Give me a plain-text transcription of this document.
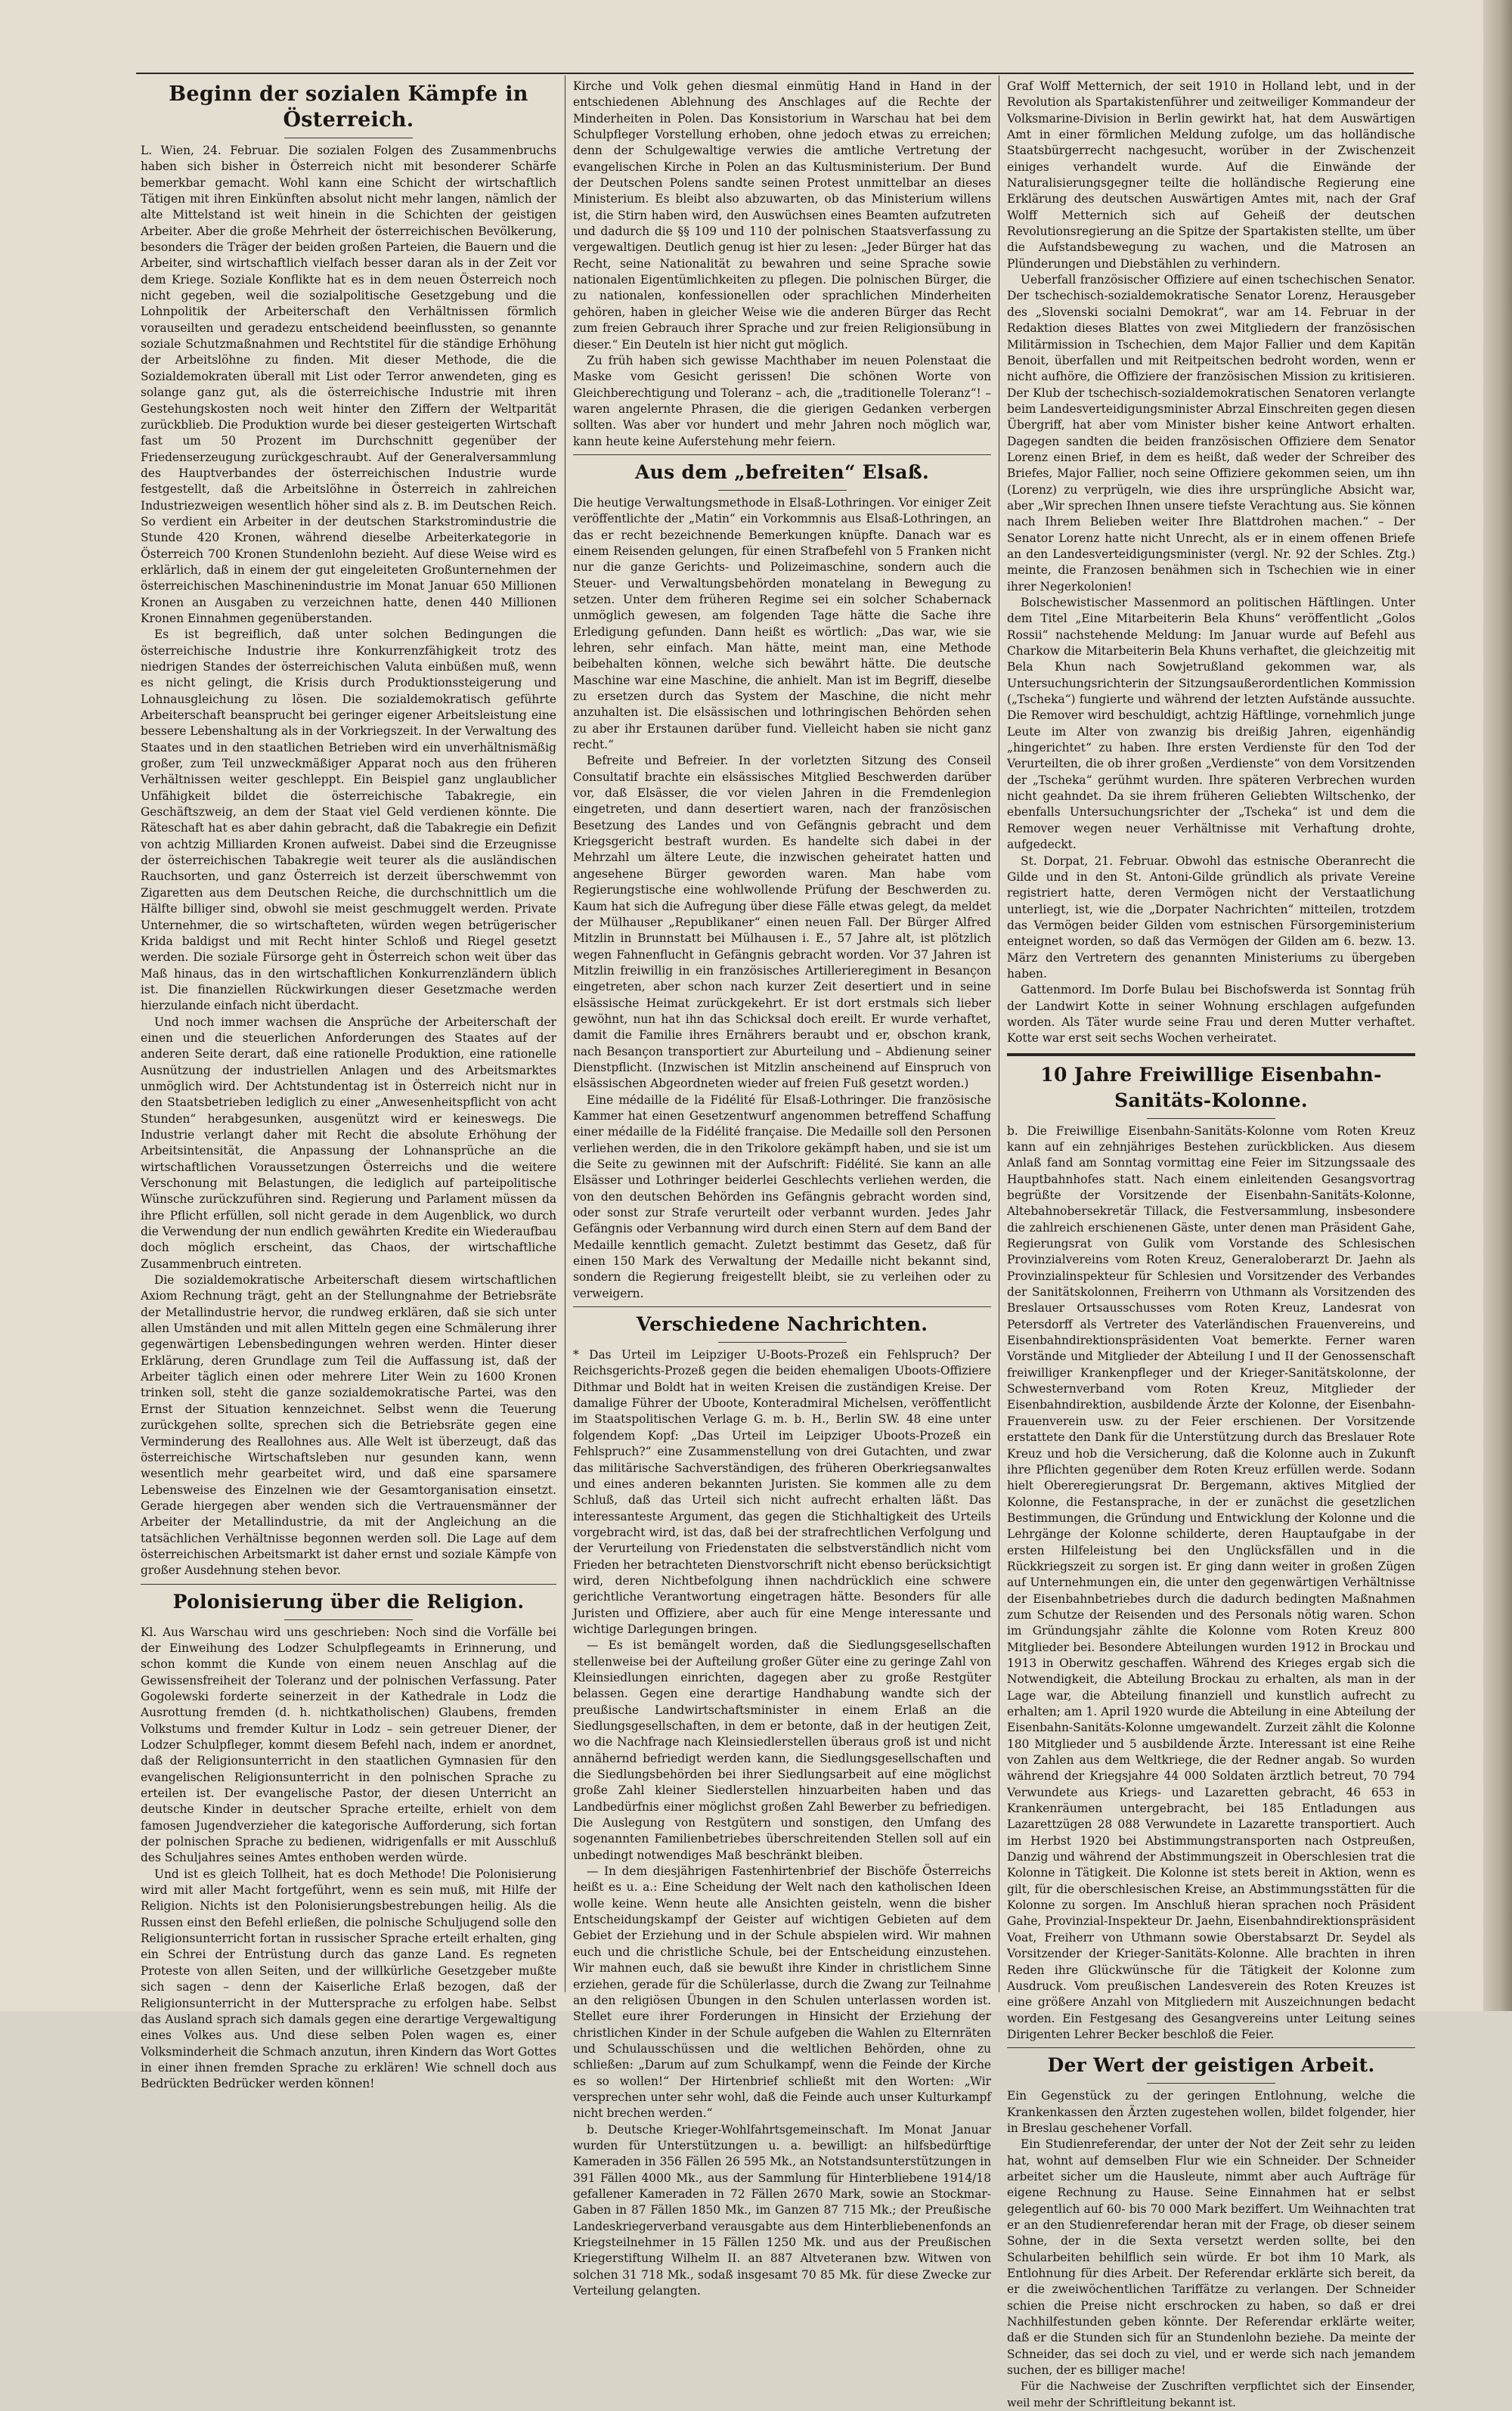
Beginn der sozialen Kämpfe in Österreich.

L. Wien, 24. Februar. Die sozialen Folgen des Zusammenbruchs haben sich bisher in Österreich nicht mit besonderer Schärfe bemerkbar gemacht. Wohl kann eine Schicht der wirtschaftlich Tätigen mit ihren Einkünften absolut nicht mehr langen, nämlich der alte Mittelstand ist weit hinein in die Schichten der geistigen Arbeiter. Aber die große Mehrheit der österreichischen Bevölkerung, besonders die Träger der beiden großen Parteien, die Bauern und die Arbeiter, sind wirtschaftlich vielfach besser daran als in der Zeit vor dem Kriege. Soziale Konflikte hat es in dem neuen Österreich noch nicht gegeben, weil die sozialpolitische Gesetzgebung und die Lohnpolitik der Arbeiterschaft den Verhältnissen förmlich vorauseilten und geradezu entscheidend beeinflussten, so genannte soziale Schutzmaßnahmen und Rechtstitel für die ständige Erhöhung der Arbeitslöhne zu finden. Mit dieser Methode, die die Sozialdemokraten überall mit List oder Terror anwendeten, ging es solange ganz gut, als die österreichische Industrie mit ihren Gestehungskosten noch weit hinter den Ziffern der Weltparität zurückblieb. Die Produktion wurde bei dieser gesteigerten Wirtschaft fast um 50 Prozent im Durchschnitt gegenüber der Friedenserzeugung zurückgeschraubt. Auf der Generalversammlung des Hauptverbandes der österreichischen Industrie wurde festgestellt, daß die Arbeitslöhne in Österreich in zahlreichen Industriezweigen wesentlich höher sind als z. B. im Deutschen Reich. So verdient ein Arbeiter in der deutschen Starkstromindustrie die Stunde 420 Kronen, während dieselbe Arbeiterkategorie in Österreich 700 Kronen Stundenlohn bezieht. Auf diese Weise wird es erklärlich, daß in einem der gut eingeleiteten Großunternehmen der österreichischen Maschinenindustrie im Monat Januar 650 Millionen Kronen an Ausgaben zu verzeichnen hatte, denen 440 Millionen Kronen Einnahmen gegenüberstanden.

Es ist begreiflich, daß unter solchen Bedingungen die österreichische Industrie ihre Konkurrenzfähigkeit trotz des niedrigen Standes der österreichischen Valuta einbüßen muß, wenn es nicht gelingt, die Krisis durch Produktionssteigerung und Lohnausgleichung zu lösen. Die sozialdemokratisch geführte Arbeiterschaft beansprucht bei geringer eigener Arbeitsleistung eine bessere Lebenshaltung als in der Vorkriegszeit. In der Verwaltung des Staates und in den staatlichen Betrieben wird ein unverhältnismäßig großer, zum Teil unzweckmäßiger Apparat noch aus den früheren Verhältnissen weiter geschleppt. Ein Beispiel ganz unglaublicher Unfähigkeit bildet die österreichische Tabakregie, ein Geschäftszweig, an dem der Staat viel Geld verdienen könnte. Die Räteschaft hat es aber dahin gebracht, daß die Tabakregie ein Defizit von achtzig Milliarden Kronen aufweist. Dabei sind die Erzeugnisse der österreichischen Tabakregie weit teurer als die ausländischen Rauchsorten, und ganz Österreich ist derzeit überschwemmt von Zigaretten aus dem Deutschen Reiche, die durchschnittlich um die Hälfte billiger sind, obwohl sie meist geschmuggelt werden. Private Unternehmer, die so wirtschafteten, würden wegen betrügerischer Krida baldigst und mit Recht hinter Schloß und Riegel gesetzt werden. Die soziale Fürsorge geht in Österreich schon weit über das Maß hinaus, das in den wirtschaftlichen Konkurrenzländern üblich ist. Die finanziellen Rückwirkungen dieser Gesetzmache werden hierzulande einfach nicht überdacht.

Und noch immer wachsen die Ansprüche der Arbeiterschaft der einen und die steuerlichen Anforderungen des Staates auf der anderen Seite derart, daß eine rationelle Produktion, eine rationelle Ausnützung der industriellen Anlagen und des Arbeitsmarktes unmöglich wird. Der Achtstundentag ist in Österreich nicht nur in den Staatsbetrieben lediglich zu einer „Anwesenheitspflicht von acht Stunden“ herabgesunken, ausgenützt wird er keineswegs. Die Industrie verlangt daher mit Recht die absolute Erhöhung der Arbeitsintensität, die Anpassung der Lohnansprüche an die wirtschaftlichen Voraussetzungen Österreichs und die weitere Verschonung mit Belastungen, die lediglich auf parteipolitische Wünsche zurückzuführen sind. Regierung und Parlament müssen da ihre Pflicht erfüllen, soll nicht gerade in dem Augenblick, wo durch die Verwendung der nun endlich gewährten Kredite ein Wiederaufbau doch möglich erscheint, das Chaos, der wirtschaftliche Zusammenbruch eintreten.

Die sozialdemokratische Arbeiterschaft diesem wirtschaftlichen Axiom Rechnung trägt, geht an der Stellungnahme der Betriebsräte der Metallindustrie hervor, die rundweg erklären, daß sie sich unter allen Umständen und mit allen Mitteln gegen eine Schmälerung ihrer gegenwärtigen Lebensbedingungen wehren werden. Hinter dieser Erklärung, deren Grundlage zum Teil die Auffassung ist, daß der Arbeiter täglich einen oder mehrere Liter Wein zu 1600 Kronen trinken soll, steht die ganze sozialdemokratische Partei, was den Ernst der Situation kennzeichnet. Selbst wenn die Teuerung zurückgehen sollte, sprechen sich die Betriebsräte gegen eine Verminderung des Reallohnes aus. Alle Welt ist überzeugt, daß das österreichische Wirtschaftsleben nur gesunden kann, wenn wesentlich mehr gearbeitet wird, und daß eine sparsamere Lebensweise des Einzelnen wie der Gesamtorganisation einsetzt. Gerade hiergegen aber wenden sich die Vertrauensmänner der Arbeiter der Metallindustrie, da mit der Angleichung an die tatsächlichen Verhältnisse begonnen werden soll. Die Lage auf dem österreichischen Arbeitsmarkt ist daher ernst und soziale Kämpfe von großer Ausdehnung stehen bevor.

Polonisierung über die Religion.

Kl. Aus Warschau wird uns geschrieben: Noch sind die Vorfälle bei der Einweihung des Lodzer Schulpflegeamts in Erinnerung, und schon kommt die Kunde von einem neuen Anschlag auf die Gewissensfreiheit der Toleranz und der polnischen Verfassung. Pater Gogolewski forderte seinerzeit in der Kathedrale in Lodz die Ausrottung fremden (d. h. nichtkatholischen) Glaubens, fremden Volkstums und fremder Kultur in Lodz – sein getreuer Diener, der Lodzer Schulpfleger, kommt diesem Befehl nach, indem er anordnet, daß der Religionsunterricht in den staatlichen Gymnasien für den evangelischen Religionsunterricht in den polnischen Sprache zu erteilen ist. Der evangelische Pastor, der diesen Unterricht an deutsche Kinder in deutscher Sprache erteilte, erhielt von dem famosen Jugendverzieher die kategorische Aufforderung, sich fortan der polnischen Sprache zu bedienen, widrigenfalls er mit Ausschluß des Schuljahres seines Amtes enthoben werden würde.

Und ist es gleich Tollheit, hat es doch Methode! Die Polonisierung wird mit aller Macht fortgeführt, wenn es sein muß, mit Hilfe der Religion. Nichts ist den Polonisierungsbestrebungen heilig. Als die Russen einst den Befehl erließen, die polnische Schuljugend solle den Religionsunterricht fortan in russischer Sprache erteilt erhalten, ging ein Schrei der Entrüstung durch das ganze Land. Es regneten Proteste von allen Seiten, und der willkürliche Gesetzgeber mußte sich sagen – denn der Kaiserliche Erlaß bezogen, daß der Religionsunterricht in der Muttersprache zu erfolgen habe. Selbst das Ausland sprach sich damals gegen eine derartige Vergewaltigung eines Volkes aus. Und diese selben Polen wagen es, einer Volksminderheit die Schmach anzutun, ihren Kindern das Wort Gottes in einer ihnen fremden Sprache zu erklären! Wie schnell doch aus Bedrückten Bedrücker werden können!

Kirche und Volk gehen diesmal einmütig Hand in Hand in der entschiedenen Ablehnung des Anschlages auf die Rechte der Minderheiten in Polen. Das Konsistorium in Warschau hat bei dem Schulpfleger Vorstellung erhoben, ohne jedoch etwas zu erreichen; denn der Schulgewaltige verwies die amtliche Vertretung der evangelischen Kirche in Polen an das Kultusministerium. Der Bund der Deutschen Polens sandte seinen Protest unmittelbar an dieses Ministerium. Es bleibt also abzuwarten, ob das Ministerium willens ist, die Stirn haben wird, den Auswüchsen eines Beamten aufzutreten und dadurch die §§ 109 und 110 der polnischen Staatsverfassung zu vergewaltigen. Deutlich genug ist hier zu lesen: „Jeder Bürger hat das Recht, seine Nationalität zu bewahren und seine Sprache sowie nationalen Eigentümlichkeiten zu pflegen. Die polnischen Bürger, die zu nationalen, konfessionellen oder sprachlichen Minderheiten gehören, haben in gleicher Weise wie die anderen Bürger das Recht zum freien Gebrauch ihrer Sprache und zur freien Religionsübung in dieser.“ Ein Deuteln ist hier nicht gut möglich.

Zu früh haben sich gewisse Machthaber im neuen Polenstaat die Maske vom Gesicht gerissen! Die schönen Worte von Gleichberechtigung und Toleranz – ach, die „traditionelle Toleranz“! – waren angelernte Phrasen, die die gierigen Gedanken verbergen sollten. Was aber vor hundert und mehr Jahren noch möglich war, kann heute keine Auferstehung mehr feiern.

Aus dem „befreiten“ Elsaß.

Die heutige Verwaltungsmethode in Elsaß-Lothringen. Vor einiger Zeit veröffentlichte der „Matin“ ein Vorkommnis aus Elsaß-Lothringen, an das er recht bezeichnende Bemerkungen knüpfte. Danach war es einem Reisenden gelungen, für einen Strafbefehl von 5 Franken nicht nur die ganze Gerichts- und Polizeimaschine, sondern auch die Steuer- und Verwaltungsbehörden monatelang in Bewegung zu setzen. Unter dem früheren Regime sei ein solcher Schabernack unmöglich gewesen, am folgenden Tage hätte die Sache ihre Erledigung gefunden. Dann heißt es wörtlich: „Das war, wie sie lehren, sehr einfach. Man hätte, meint man, eine Methode beibehalten können, welche sich bewährt hätte. Die deutsche Maschine war eine Maschine, die anhielt. Man ist im Begriff, dieselbe zu ersetzen durch das System der Maschine, die nicht mehr anzuhalten ist. Die elsässischen und lothringischen Behörden sehen zu aber ihr Erstaunen darüber fund. Vielleicht haben sie nicht ganz recht.“

Befreite und Befreier. In der vorletzten Sitzung des Conseil Consultatif brachte ein elsässisches Mitglied Beschwerden darüber vor, daß Elsässer, die vor vielen Jahren in die Fremdenlegion eingetreten, und dann desertiert waren, nach der französischen Besetzung des Landes und von Gefängnis gebracht und dem Kriegsgericht bestraft wurden. Es handelte sich dabei in der Mehrzahl um ältere Leute, die inzwischen geheiratet hatten und angesehene Bürger geworden waren. Man habe vom Regierungstische eine wohlwollende Prüfung der Beschwerden zu. Kaum hat sich die Aufregung über diese Fälle etwas gelegt, da meldet der Mülhauser „Republikaner“ einen neuen Fall. Der Bürger Alfred Mitzlin in Brunnstatt bei Mülhausen i. E., 57 Jahre alt, ist plötzlich wegen Fahnenflucht in Gefängnis gebracht worden. Vor 37 Jahren ist Mitzlin freiwillig in ein französisches Artillerieregiment in Besançon eingetreten, aber schon nach kurzer Zeit desertiert und in seine elsässische Heimat zurückgekehrt. Er ist dort erstmals sich lieber gewöhnt, nun hat ihn das Schicksal doch ereilt. Er wurde verhaftet, damit die Familie ihres Ernährers beraubt und er, obschon krank, nach Besançon transportiert zur Aburteilung und – Abdienung seiner Dienstpflicht. (Inzwischen ist Mitzlin anscheinend auf Einspruch von elsässischen Abgeordneten wieder auf freien Fuß gesetzt worden.)

Eine médaille de la Fidélité für Elsaß-Lothringer. Die französische Kammer hat einen Gesetzentwurf angenommen betreffend Schaffung einer médaille de la Fidélité française. Die Medaille soll den Personen verliehen werden, die in den Trikolore gekämpft haben, und sie ist um die Seite zu gewinnen mit der Aufschrift: Fidélité. Sie kann an alle Elsässer und Lothringer beiderlei Geschlechts verliehen werden, die von den deutschen Behörden ins Gefängnis gebracht worden sind, oder sonst zur Strafe verurteilt oder verbannt wurden. Jedes Jahr Gefängnis oder Verbannung wird durch einen Stern auf dem Band der Medaille kenntlich gemacht. Zuletzt bestimmt das Gesetz, daß für einen 150 Mark des Verwaltung der Medaille nicht bekannt sind, sondern die Regierung freigestellt bleibt, sie zu verleihen oder zu verweigern.

Verschiedene Nachrichten.

* Das Urteil im Leipziger U-Boots-Prozeß ein Fehlspruch? Der Reichsgerichts-Prozeß gegen die beiden ehemaligen Uboots-Offiziere Dithmar und Boldt hat in weiten Kreisen die zuständigen Kreise. Der damalige Führer der Uboote, Konteradmiral Michelsen, veröffentlicht im Staatspolitischen Verlage G. m. b. H., Berlin SW. 48 eine unter folgendem Kopf: „Das Urteil im Leipziger Uboots-Prozeß ein Fehlspruch?“ eine Zusammenstellung von drei Gutachten, und zwar das militärische Sachverständigen, des früheren Oberkriegsanwaltes und eines anderen bekannten Juristen. Sie kommen alle zu dem Schluß, daß das Urteil sich nicht aufrecht erhalten läßt. Das interessanteste Argument, das gegen die Stichhaltigkeit des Urteils vorgebracht wird, ist das, daß bei der strafrechtlichen Verfolgung und der Verurteilung von Friedenstaten die selbstverständlich nicht vom Frieden her betrachteten Dienstvorschrift nicht ebenso berücksichtigt wird, deren Nichtbefolgung ihnen nachdrücklich eine schwere gerichtliche Verantwortung eingetragen hätte. Besonders für alle Juristen und Offiziere, aber auch für eine Menge interessante und wichtige Darlegungen bringen.

— Es ist bemängelt worden, daß die Siedlungsgesellschaften stellenweise bei der Aufteilung großer Güter eine zu geringe Zahl von Kleinsiedlungen einrichten, dagegen aber zu große Restgüter belassen. Gegen eine derartige Handhabung wandte sich der preußische Landwirtschaftsminister in einem Erlaß an die Siedlungsgesellschaften, in dem er betonte, daß in der heutigen Zeit, wo die Nachfrage nach Kleinsiedlerstellen überaus groß ist und nicht annähernd befriedigt werden kann, die Siedlungsgesellschaften und die Siedlungsbehörden bei ihrer Siedlungsarbeit auf eine möglichst große Zahl kleiner Siedlerstellen hinzuarbeiten haben und das Landbedürfnis einer möglichst großen Zahl Bewerber zu befriedigen. Die Auslegung von Restgütern und sonstigen, den Umfang des sogenannten Familienbetriebes überschreitenden Stellen soll auf ein unbedingt notwendiges Maß beschränkt bleiben.

— In dem diesjährigen Fastenhirtenbrief der Bischöfe Österreichs heißt es u. a.: Eine Scheidung der Welt nach den katholischen Ideen wolle keine. Wenn heute alle Ansichten geisteln, wenn die bisher Entscheidungskampf der Geister auf wichtigen Gebieten auf dem Gebiet der Erziehung und in der Schule abspielen wird. Wir mahnen euch und die christliche Schule, bei der Entscheidung einzustehen. Wir mahnen euch, daß sie bewußt ihre Kinder in christlichem Sinne erziehen, gerade für die Schülerlasse, durch die Zwang zur Teilnahme an den religiösen Übungen in den Schulen unterlassen worden ist. Stellet eure ihrer Forderungen in Hinsicht der Erziehung der christlichen Kinder in der Schule aufgeben die Wahlen zu Elternräten und Schulausschüssen und die weltlichen Behörden, ohne zu schließen: „Darum auf zum Schulkampf, wenn die Feinde der Kirche es so wollen!“ Der Hirtenbrief schließt mit den Worten: „Wir versprechen unter sehr wohl, daß die Feinde auch unser Kulturkampf nicht brechen werden.“

b. Deutsche Krieger-Wohlfahrtsgemeinschaft. Im Monat Januar wurden für Unterstützungen u. a. bewilligt: an hilfsbedürftige Kameraden in 356 Fällen 26 595 Mk., an Notstandsunterstützungen in 391 Fällen 4000 Mk., aus der Sammlung für Hinterbliebene 1914/18 gefallener Kameraden in 72 Fällen 2670 Mark, sowie an Stockmar-Gaben in 87 Fällen 1850 Mk., im Ganzen 87 715 Mk.; der Preußische Landeskriegerverband verausgabte aus dem Hinterbliebenenfonds an Kriegsteilnehmer in 15 Fällen 1250 Mk. und aus der Preußischen Kriegerstiftung Wilhelm II. an 887 Altveteranen bzw. Witwen von solchen 31 718 Mk., sodaß insgesamt 70 85 Mk. für diese Zwecke zur Verteilung gelangten.

Graf Wolff Metternich, der seit 1910 in Holland lebt, und in der Revolution als Spartakistenführer und zeitweiliger Kommandeur der Volksmarine-Division in Berlin gewirkt hat, hat dem Auswärtigen Amt in einer förmlichen Meldung zufolge, um das holländische Staatsbürgerrecht nachgesucht, worüber in der Zwischenzeit einiges verhandelt wurde. Auf die Einwände der Naturalisierungsgegner teilte die holländische Regierung eine Erklärung des deutschen Auswärtigen Amtes mit, nach der Graf Wolff Metternich sich auf Geheiß der deutschen Revolutionsregierung an die Spitze der Spartakisten stellte, um über die Aufstandsbewegung zu wachen, und die Matrosen an Plünderungen und Diebstählen zu verhindern.

Ueberfall französischer Offiziere auf einen tschechischen Senator. Der tschechisch-sozialdemokratische Senator Lorenz, Herausgeber des „Slovenski socialni Demokrat“, war am 14. Februar in der Redaktion dieses Blattes von zwei Mitgliedern der französischen Militärmission in Tschechien, dem Major Fallier und dem Kapitän Benoit, überfallen und mit Reitpeitschen bedroht worden, wenn er nicht aufhöre, die Offiziere der französischen Mission zu kritisieren. Der Klub der tschechisch-sozialdemokratischen Senatoren verlangte beim Landesverteidigungsminister Abrzal Einschreiten gegen diesen Übergriff, hat aber vom Minister bisher keine Antwort erhalten. Dagegen sandten die beiden französischen Offiziere dem Senator Lorenz einen Brief, in dem es heißt, daß weder der Schreiber des Briefes, Major Fallier, noch seine Offiziere gekommen seien, um ihn (Lorenz) zu verprügeln, wie dies ihre ursprüngliche Absicht war, aber „Wir sprechen Ihnen unsere tiefste Verachtung aus. Sie können nach Ihrem Belieben weiter Ihre Blattdrohen machen.“ – Der Senator Lorenz hatte nicht Unrecht, als er in einem offenen Briefe an den Landesverteidigungsminister (vergl. Nr. 92 der Schles. Ztg.) meinte, die Franzosen benähmen sich in Tschechien wie in einer ihrer Negerkolonien!

Bolschewistischer Massenmord an politischen Häftlingen. Unter dem Titel „Eine Mitarbeiterin Bela Khuns“ veröffentlicht „Golos Rossii“ nachstehende Meldung: Im Januar wurde auf Befehl aus Charkow die Mitarbeiterin Bela Khuns verhaftet, die gleichzeitig mit Bela Khun nach Sowjetrußland gekommen war, als Untersuchungsrichterin der Sitzungsaußerordentlichen Kommission („Tscheka“) fungierte und während der letzten Aufstände aussuchte. Die Remover wird beschuldigt, achtzig Häftlinge, vornehmlich junge Leute im Alter von zwanzig bis dreißig Jahren, eigenhändig „hingerichtet“ zu haben. Ihre ersten Verdienste für den Tod der Verurteilten, die ob ihrer großen „Verdienste“ von dem Vorsitzenden der „Tscheka“ gerühmt wurden. Ihre späteren Verbrechen wurden nicht geahndet. Da sie ihrem früheren Geliebten Wiltschenko, der ebenfalls Untersuchungsrichter der „Tscheka“ ist und dem die Remover wegen neuer Verhältnisse mit Verhaftung drohte, aufgedeckt.

St. Dorpat, 21. Februar. Obwohl das estnische Oberanrecht die Gilde und in den St. Antoni-Gilde gründlich als private Vereine registriert hatte, deren Vermögen nicht der Verstaatlichung unterliegt, ist, wie die „Dorpater Nachrichten“ mitteilen, trotzdem das Vermögen beider Gilden vom estnischen Fürsorgeministerium enteignet worden, so daß das Vermögen der Gilden am 6. bezw. 13. März den Vertretern des genannten Ministeriums zu übergeben haben.

Gattenmord. Im Dorfe Bulau bei Bischofswerda ist Sonntag früh der Landwirt Kotte in seiner Wohnung erschlagen aufgefunden worden. Als Täter wurde seine Frau und deren Mutter verhaftet. Kotte war erst seit sechs Wochen verheiratet.

10 Jahre Freiwillige Eisenbahn-Sanitäts-Kolonne.

b. Die Freiwillige Eisenbahn-Sanitäts-Kolonne vom Roten Kreuz kann auf ein zehnjähriges Bestehen zurückblicken. Aus diesem Anlaß fand am Sonntag vormittag eine Feier im Sitzungssaale des Hauptbahnhofes statt. Nach einem einleitenden Gesangsvortrag begrüßte der Vorsitzende der Eisenbahn-Sanitäts-Kolonne, Altebahnobersekretär Tillack, die Festversammlung, insbesondere die zahlreich erschienenen Gäste, unter denen man Präsident Gahe, Regierungsrat von Gulik vom Vorstande des Schlesischen Provinzialvereins vom Roten Kreuz, Generaloberarzt Dr. Jaehn als Provinzialinspekteur für Schlesien und Vorsitzender des Verbandes der Sanitätskolonnen, Freiherrn von Uthmann als Vorsitzenden des Breslauer Ortsausschusses vom Roten Kreuz, Landesrat von Petersdorff als Vertreter des Vaterländischen Frauenvereins, und Eisenbahndirektionspräsidenten Voat bemerkte. Ferner waren Vorstände und Mitglieder der Abteilung I und II der Genossenschaft freiwilliger Krankenpfleger und der Krieger-Sanitätskolonne, der Schwesternverband vom Roten Kreuz, Mitglieder der Eisenbahndirektion, ausbildende Ärzte der Kolonne, der Eisenbahn-Frauenverein usw. zu der Feier erschienen. Der Vorsitzende erstattete den Dank für die Unterstützung durch das Breslauer Rote Kreuz und hob die Versicherung, daß die Kolonne auch in Zukunft ihre Pflichten gegenüber dem Roten Kreuz erfüllen werde. Sodann hielt Obereregierungsrat Dr. Bergemann, aktives Mitglied der Kolonne, die Festansprache, in der er zunächst die gesetzlichen Bestimmungen, die Gründung und Entwicklung der Kolonne und die Lehrgänge der Kolonne schilderte, deren Hauptaufgabe in der ersten Hilfeleistung bei den Unglücksfällen und in die Rückkriegszeit zu sorgen ist. Er ging dann weiter in großen Zügen auf Unternehmungen ein, die unter den gegenwärtigen Verhältnisse der Eisenbahnbetriebes durch die dadurch bedingten Maßnahmen zum Schutze der Reisenden und des Personals nötig waren. Schon im Gründungsjahr zählte die Kolonne vom Roten Kreuz 800 Mitglieder bei. Besondere Abteilungen wurden 1912 in Brockau und 1913 in Oberwitz geschaffen. Während des Krieges ergab sich die Notwendigkeit, die Abteilung Brockau zu erhalten, als man in der Lage war, die Abteilung finanziell und kunstlich aufrecht zu erhalten; am 1. April 1920 wurde die Abteilung in eine Abteilung der Eisenbahn-Sanitäts-Kolonne umgewandelt. Zurzeit zählt die Kolonne 180 Mitglieder und 5 ausbildende Ärzte. Interessant ist eine Reihe von Zahlen aus dem Weltkriege, die der Redner angab. So wurden während der Kriegsjahre 44 000 Soldaten ärztlich betreut, 70 794 Verwundete aus Kriegs- und Lazaretten gebracht, 46 653 in Krankenräumen untergebracht, bei 185 Entladungen aus Lazarettzügen 28 088 Verwundete in Lazarette transportiert. Auch im Herbst 1920 bei Abstimmungstransporten nach Ostpreußen, Danzig und während der Abstimmungszeit in Oberschlesien trat die Kolonne in Tätigkeit. Die Kolonne ist stets bereit in Aktion, wenn es gilt, für die oberschlesischen Kreise, an Abstimmungsstätten für die Kolonne zu sorgen. Im Anschluß hieran sprachen noch Präsident Gahe, Provinzial-Inspekteur Dr. Jaehn, Eisenbahndirektionspräsident Voat, Freiherr von Uthmann sowie Oberstabsarzt Dr. Seydel als Vorsitzender der Krieger-Sanitäts-Kolonne. Alle brachten in ihren Reden ihre Glückwünsche für die Tätigkeit der Kolonne zum Ausdruck. Vom preußischen Landesverein des Roten Kreuzes ist eine größere Anzahl von Mitgliedern mit Auszeichnungen bedacht worden. Ein Festgesang des Gesangvereins unter Leitung seines Dirigenten Lehrer Becker beschloß die Feier.

Der Wert der geistigen Arbeit.

Ein Gegenstück zu der geringen Entlohnung, welche die Krankenkassen den Ärzten zugestehen wollen, bildet folgender, hier in Breslau geschehener Vorfall.

Ein Studienreferendar, der unter der Not der Zeit sehr zu leiden hat, wohnt auf demselben Flur wie ein Schneider. Der Schneider arbeitet sicher um die Hausleute, nimmt aber auch Aufträge für eigene Rechnung zu Hause. Seine Einnahmen hat er selbst gelegentlich auf 60- bis 70 000 Mark beziffert. Um Weihnachten trat er an den Studienreferendar heran mit der Frage, ob dieser seinem Sohne, der in die Sexta versetzt werden sollte, bei den Schularbeiten behilflich sein würde. Er bot ihm 10 Mark, als Entlohnung für dies Arbeit. Der Referendar erklärte sich bereit, da er die zweiwöchentlichen Tariffätze zu verlangen. Der Schneider schien die Preise nicht erschrocken zu haben, so daß er drei Nachhilfestunden geben könnte. Der Referendar erklärte weiter, daß er die Stunden sich für an Stundenlohn beziehe. Da meinte der Schneider, das sei doch zu viel, und er werde sich nach jemandem suchen, der es billiger mache!

Für die Nachweise der Zuschriften verpflichtet sich der Einsender, weil mehr der Schriftleitung bekannt ist.
